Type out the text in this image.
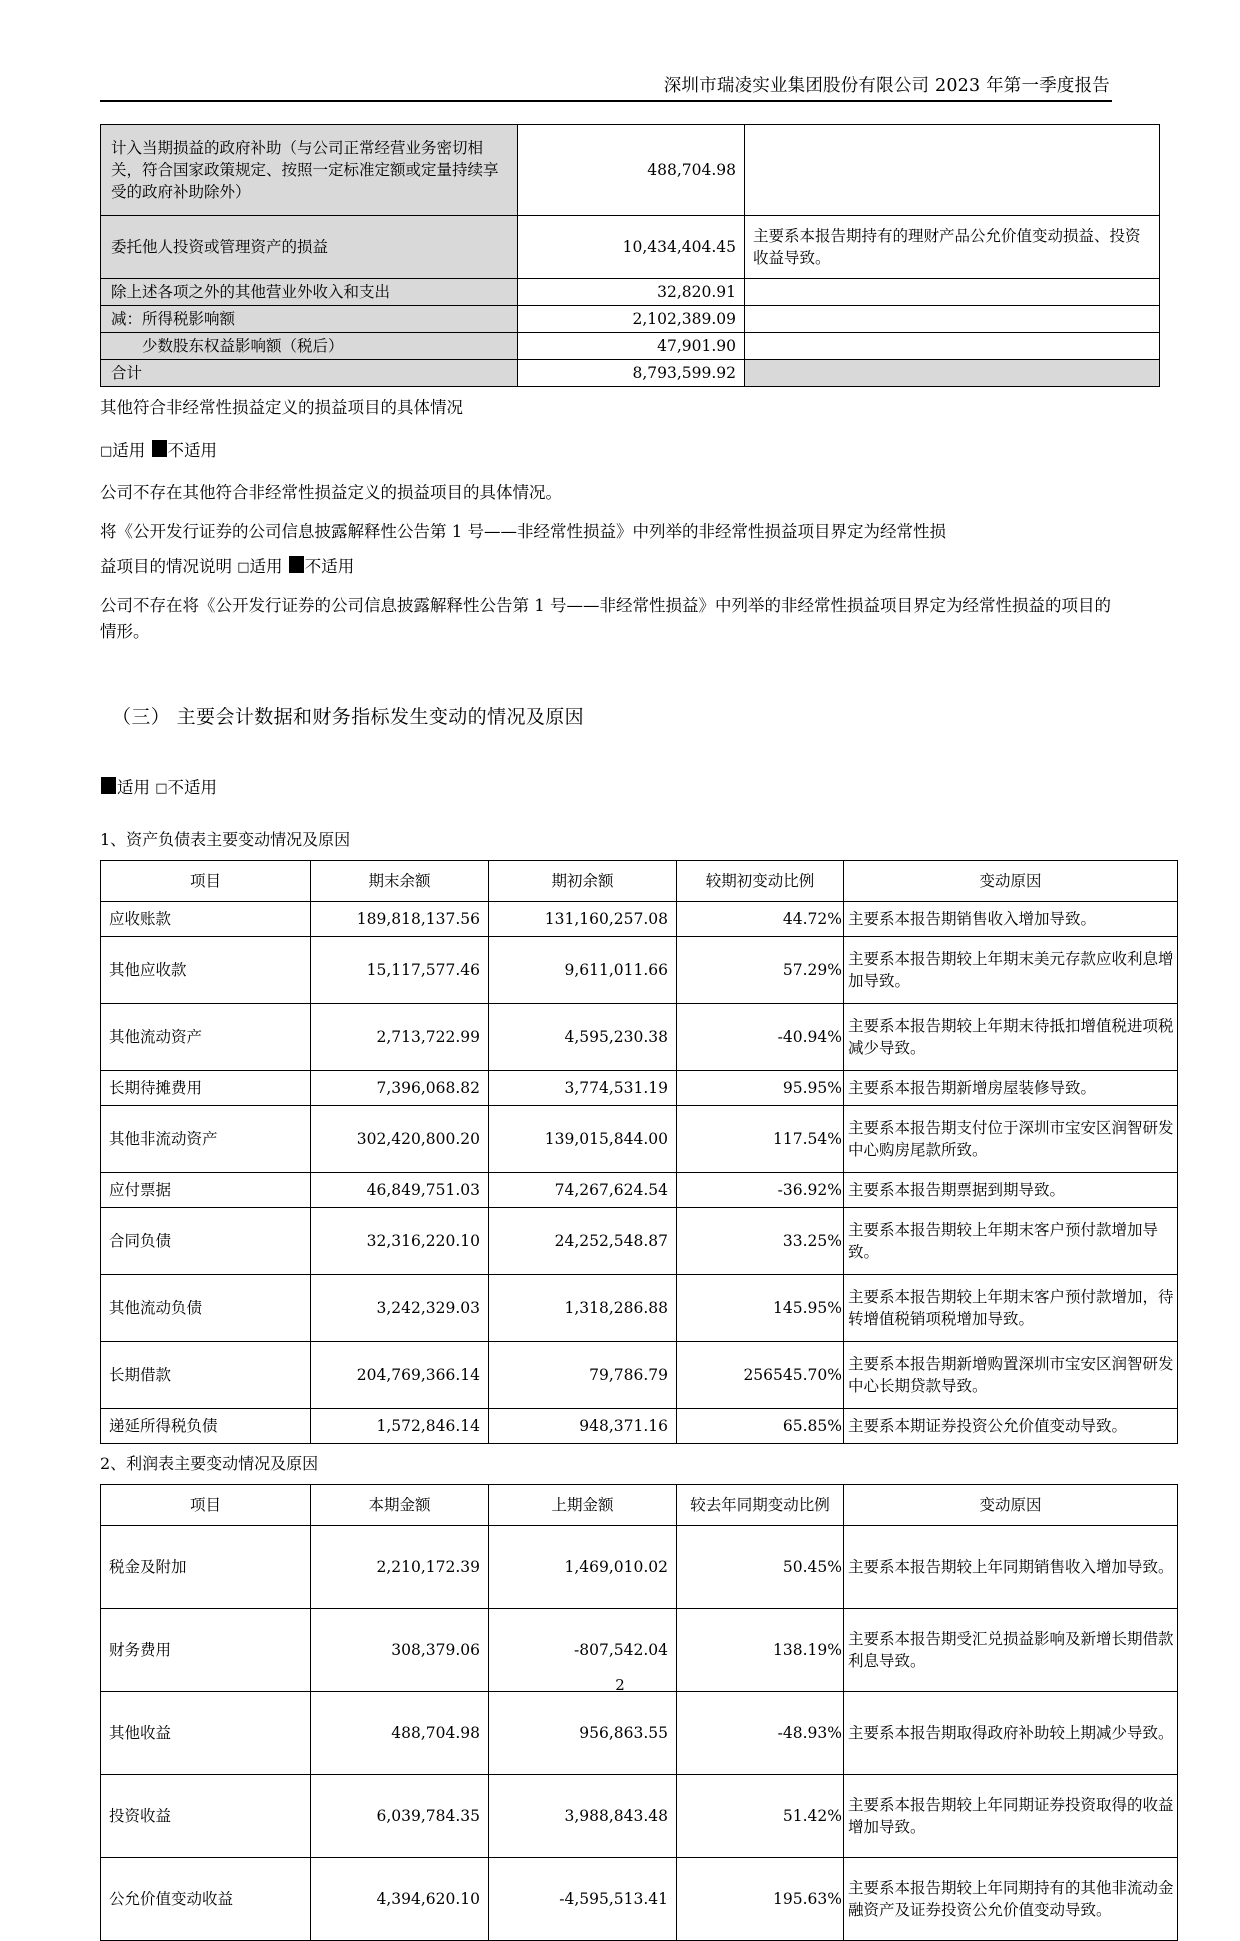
深圳市瑞凌实业集团股份有限公司 2023 年第一季度报告
计入当期损益的政府补助（与公司正常经营业务密切相关，符合国家政策规定、按照一定标准定额或定量持续享受的政府补助除外）	488,704.98	
委托他人投资或管理资产的损益	10,434,404.45	主要系本报告期持有的理财产品公允价值变动损益、投资收益导致。
除上述各项之外的其他营业外收入和支出	32,820.91	
减：所得税影响额	2,102,389.09	
　　少数股东权益影响额（税后）	47,901.90	
合计	8,793,599.92	

其他符合非经常性损益定义的损益项目的具体情况

□适用 不适用

公司不存在其他符合非经常性损益定义的损益项目的具体情况。

将《公开发行证券的公司信息披露解释性公告第 1 号——非经常性损益》中列举的非经常性损益项目界定为经常性损

益项目的情况说明 □适用 不适用

公司不存在将《公开发行证券的公司信息披露解释性公告第 1 号——非经常性损益》中列举的非经常性损益项目界定为经常性损益的项目的情形。

（三） 主要会计数据和财务指标发生变动的情况及原因

适用 □不适用

1、资产负债表主要变动情况及原因

项目	期末余额	期初余额	较期初变动比例	变动原因
应收账款	189,818,137.56	131,160,257.08	44.72%	主要系本报告期销售收入增加导致。
其他应收款	15,117,577.46	9,611,011.66	57.29%	主要系本报告期较上年期末美元存款应收利息增加导致。
其他流动资产	2,713,722.99	4,595,230.38	-40.94%	主要系本报告期较上年期末待抵扣增值税进项税减少导致。
长期待摊费用	7,396,068.82	3,774,531.19	95.95%	主要系本报告期新增房屋装修导致。
其他非流动资产	302,420,800.20	139,015,844.00	117.54%	主要系本报告期支付位于深圳市宝安区润智研发中心购房尾款所致。
应付票据	46,849,751.03	74,267,624.54	-36.92%	主要系本报告期票据到期导致。
合同负债	32,316,220.10	24,252,548.87	33.25%	主要系本报告期较上年期末客户预付款增加导致。
其他流动负债	3,242,329.03	1,318,286.88	145.95%	主要系本报告期较上年期末客户预付款增加，待转增值税销项税增加导致。
长期借款	204,769,366.14	79,786.79	256545.70%	主要系本报告期新增购置深圳市宝安区润智研发中心长期贷款导致。
递延所得税负债	1,572,846.14	948,371.16	65.85%	主要系本期证券投资公允价值变动导致。

2、利润表主要变动情况及原因

项目	本期金额	上期金额	较去年同期变动比例	变动原因
税金及附加	2,210,172.39	1,469,010.02	50.45%	主要系本报告期较上年同期销售收入增加导致。
财务费用	308,379.06	-807,542.04	138.19%	主要系本报告期受汇兑损益影响及新增长期借款利息导致。
其他收益	488,704.98	956,863.55	-48.93%	主要系本报告期取得政府补助较上期减少导致。
投资收益	6,039,784.35	3,988,843.48	51.42%	主要系本报告期较上年同期证券投资取得的收益增加导致。
公允价值变动收益	4,394,620.10	-4,595,513.41	195.63%	主要系本报告期较上年同期持有的其他非流动金融资产及证券投资公允价值变动导致。
2
